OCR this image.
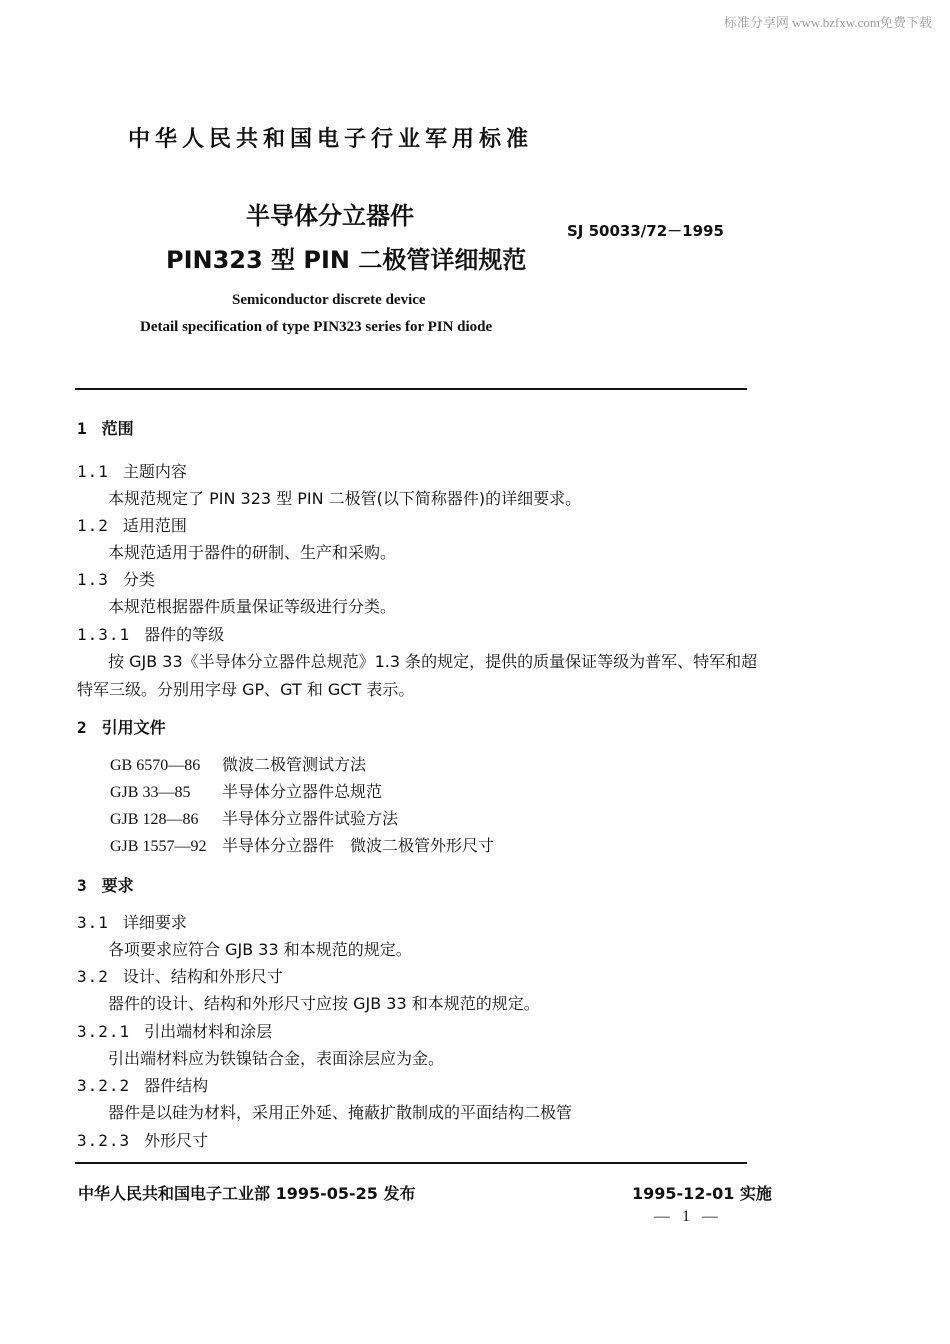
标准分享网 www.bzfxw.com免费下载
中华人民共和国电子行业军用标准
半导体分立器件
PIN323 型 PIN 二极管详细规范
SJ 50033/72－1995
Semiconductor discrete device
Detail specification of type PIN323 series for PIN diode
1 范围
1.1 主题内容
本规范规定了 PIN 323 型 PIN 二极管(以下简称器件)的详细要求。
1.2 适用范围
本规范适用于器件的研制、生产和采购。
1.3 分类
本规范根据器件质量保证等级进行分类。
1.3.1 器件的等级
按 GJB 33《半导体分立器件总规范》1.3 条的规定，提供的质量保证等级为普军、特军和超
特军三级。分别用字母 GP、GT 和 GCT 表示。
2 引用文件
GB 6570—86 微波二极管测试方法
GJB 33—85 半导体分立器件总规范
GJB 128—86 半导体分立器件试验方法
GJB 1557—92 半导体分立器件　微波二极管外形尺寸
3 要求
3.1 详细要求
各项要求应符合 GJB 33 和本规范的规定。
3.2 设计、结构和外形尺寸
器件的设计、结构和外形尺寸应按 GJB 33 和本规范的规定。
3.2.1 引出端材料和涂层
引出端材料应为铁镍钴合金，表面涂层应为金。
3.2.2 器件结构
器件是以硅为材料，采用正外延、掩蔽扩散制成的平面结构二极管
3.2.3 外形尺寸
中华人民共和国电子工业部 1995-05-25 发布	1995-12-01 实施
— 1 —
